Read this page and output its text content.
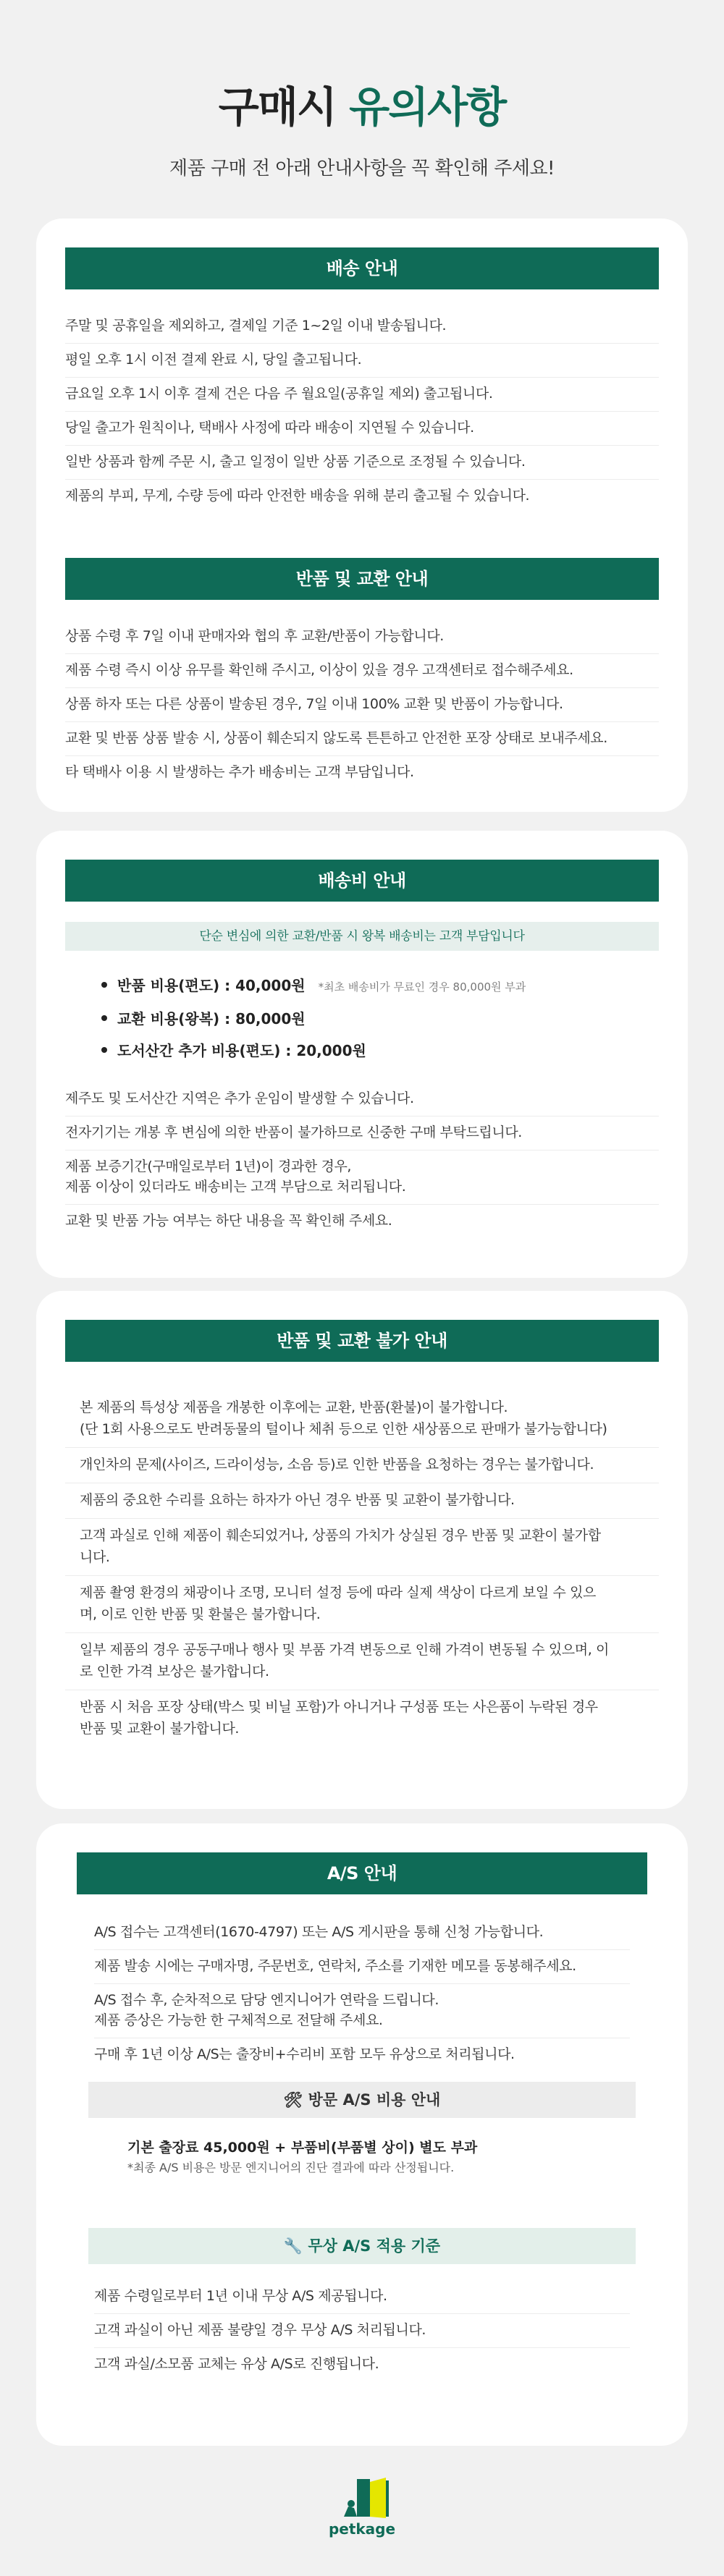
구매시 유의사항
제품 구매 전 아래 안내사항을 꼭 확인해 주세요!
배송 안내
주말 및 공휴일을 제외하고, 결제일 기준 1~2일 이내 발송됩니다.
평일 오후 1시 이전 결제 완료 시, 당일 출고됩니다.
금요일 오후 1시 이후 결제 건은 다음 주 월요일(공휴일 제외) 출고됩니다.
당일 출고가 원칙이나, 택배사 사정에 따라 배송이 지연될 수 있습니다.
일반 상품과 함께 주문 시, 출고 일정이 일반 상품 기준으로 조정될 수 있습니다.
제품의 부피, 무게, 수량 등에 따라 안전한 배송을 위해 분리 출고될 수 있습니다.
반품 및 교환 안내
상품 수령 후 7일 이내 판매자와 협의 후 교환/반품이 가능합니다.
제품 수령 즉시 이상 유무를 확인해 주시고, 이상이 있을 경우 고객센터로 접수해주세요.
상품 하자 또는 다른 상품이 발송된 경우, 7일 이내 100% 교환 및 반품이 가능합니다.
교환 및 반품 상품 발송 시, 상품이 훼손되지 않도록 튼튼하고 안전한 포장 상태로 보내주세요.
타 택배사 이용 시 발생하는 추가 배송비는 고객 부담입니다.
배송비 안내
단순 변심에 의한 교환/반품 시 왕복 배송비는 고객 부담입니다
반품 비용(편도) : 40,000원 *최초 배송비가 무료인 경우 80,000원 부과
교환 비용(왕복) : 80,000원
도서산간 추가 비용(편도) : 20,000원
제주도 및 도서산간 지역은 추가 운임이 발생할 수 있습니다.
전자기기는 개봉 후 변심에 의한 반품이 불가하므로 신중한 구매 부탁드립니다.
제품 보증기간(구매일로부터 1년)이 경과한 경우,
제품 이상이 있더라도 배송비는 고객 부담으로 처리됩니다.
교환 및 반품 가능 여부는 하단 내용을 꼭 확인해 주세요.
반품 및 교환 불가 안내
본 제품의 특성상 제품을 개봉한 이후에는 교환, 반품(환불)이 불가합니다.
(단 1회 사용으로도 반려동물의 털이나 체취 등으로 인한 새상품으로 판매가 불가능합니다)
개인차의 문제(사이즈, 드라이성능, 소음 등)로 인한 반품을 요청하는 경우는 불가합니다.
제품의 중요한 수리를 요하는 하자가 아닌 경우 반품 및 교환이 불가합니다.
고객 과실로 인해 제품이 훼손되었거나, 상품의 가치가 상실된 경우 반품 및 교환이 불가합
니다.
제품 촬영 환경의 채광이나 조명, 모니터 설정 등에 따라 실제 색상이 다르게 보일 수 있으
며, 이로 인한 반품 및 환불은 불가합니다.
일부 제품의 경우 공동구매나 행사 및 부품 가격 변동으로 인해 가격이 변동될 수 있으며, 이
로 인한 가격 보상은 불가합니다.
반품 시 처음 포장 상태(박스 및 비닐 포함)가 아니거나 구성품 또는 사은품이 누락된 경우
반품 및 교환이 불가합니다.
A/S 안내
A/S 접수는 고객센터(1670-4797) 또는 A/S 게시판을 통해 신청 가능합니다.
제품 발송 시에는 구매자명, 주문번호, 연락처, 주소를 기재한 메모를 동봉해주세요.
A/S 접수 후, 순차적으로 담당 엔지니어가 연락을 드립니다.
제품 증상은 가능한 한 구체적으로 전달해 주세요.
구매 후 1년 이상 A/S는 출장비+수리비 포함 모두 유상으로 처리됩니다.
🛠 방문 A/S 비용 안내
기본 출장료 45,000원 + 부품비(부품별 상이) 별도 부과
*최종 A/S 비용은 방문 엔지니어의 진단 결과에 따라 산정됩니다.
🔧 무상 A/S 적용 기준
제품 수령일로부터 1년 이내 무상 A/S 제공됩니다.
고객 과실이 아닌 제품 불량일 경우 무상 A/S 처리됩니다.
고객 과실/소모품 교체는 유상 A/S로 진행됩니다.
petkage
